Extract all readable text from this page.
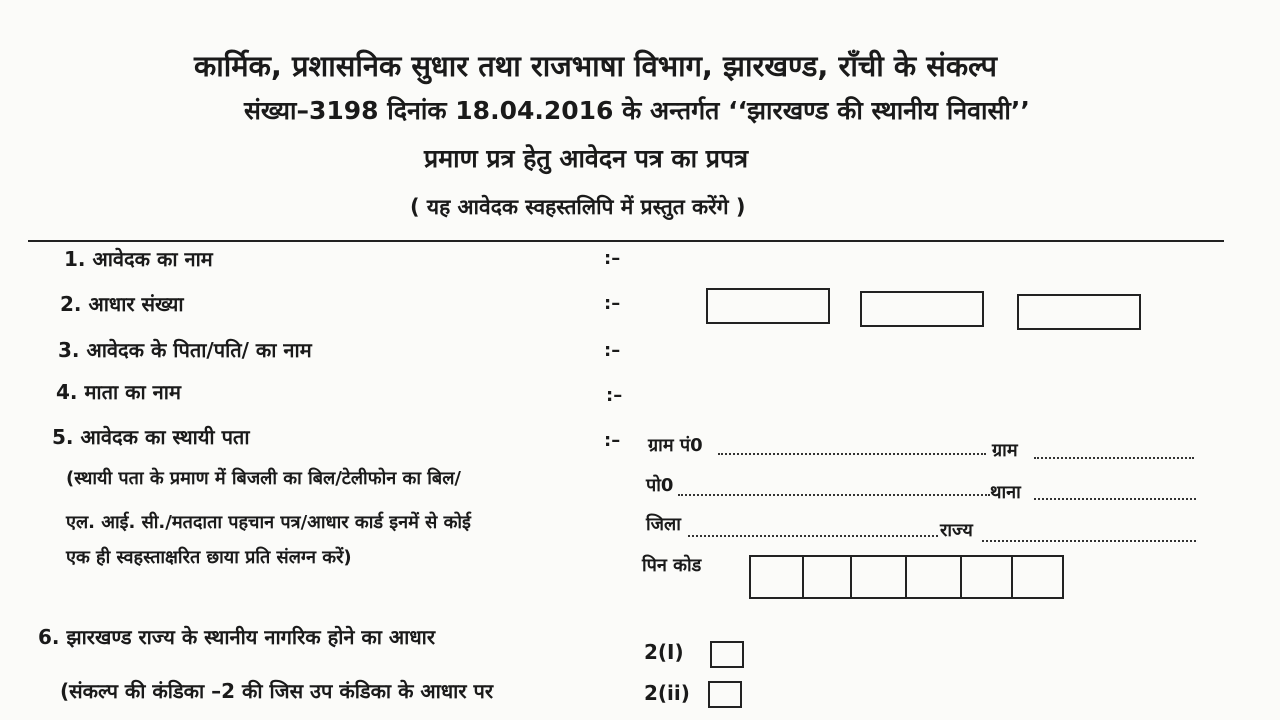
कार्मिक, प्रशासनिक सुधार तथा राजभाषा विभाग, झारखण्ड, राँची के संकल्प
संख्या–3198 दिनांक 18.04.2016 के अन्तर्गत ‘‘झारखण्ड की स्थानीय निवासी’’
प्रमाण प्रत्र हेतु आवेदन पत्र का प्रपत्र
( यह आवेदक स्वहस्तलिपि में प्रस्तुत करेंगे )
1. आवेदक का नाम	:–
2. आधार संख्या	:–
3. आवेदक के पिता/पति/ का नाम	:–
4. माता का नाम	:–
5. आवेदक का स्थायी पता	:–
(स्थायी पता के प्रमाण में बिजली का बिल/टेलीफोन का बिल/
एल. आई. सी./मतदाता पहचान पत्र/आधार कार्ड इनमें से कोई
एक ही स्वहस्ताक्षरित छाया प्रति संलग्न करें)
ग्राम पं0	ग्राम
पो0	थाना
जिला	राज्य
पिन कोड
6. झारखण्ड राज्य के स्थानीय नागरिक होने का आधार
(संकल्प की कंडिका –2 की जिस उप कंडिका के आधार पर
2(I)
2(ii)
